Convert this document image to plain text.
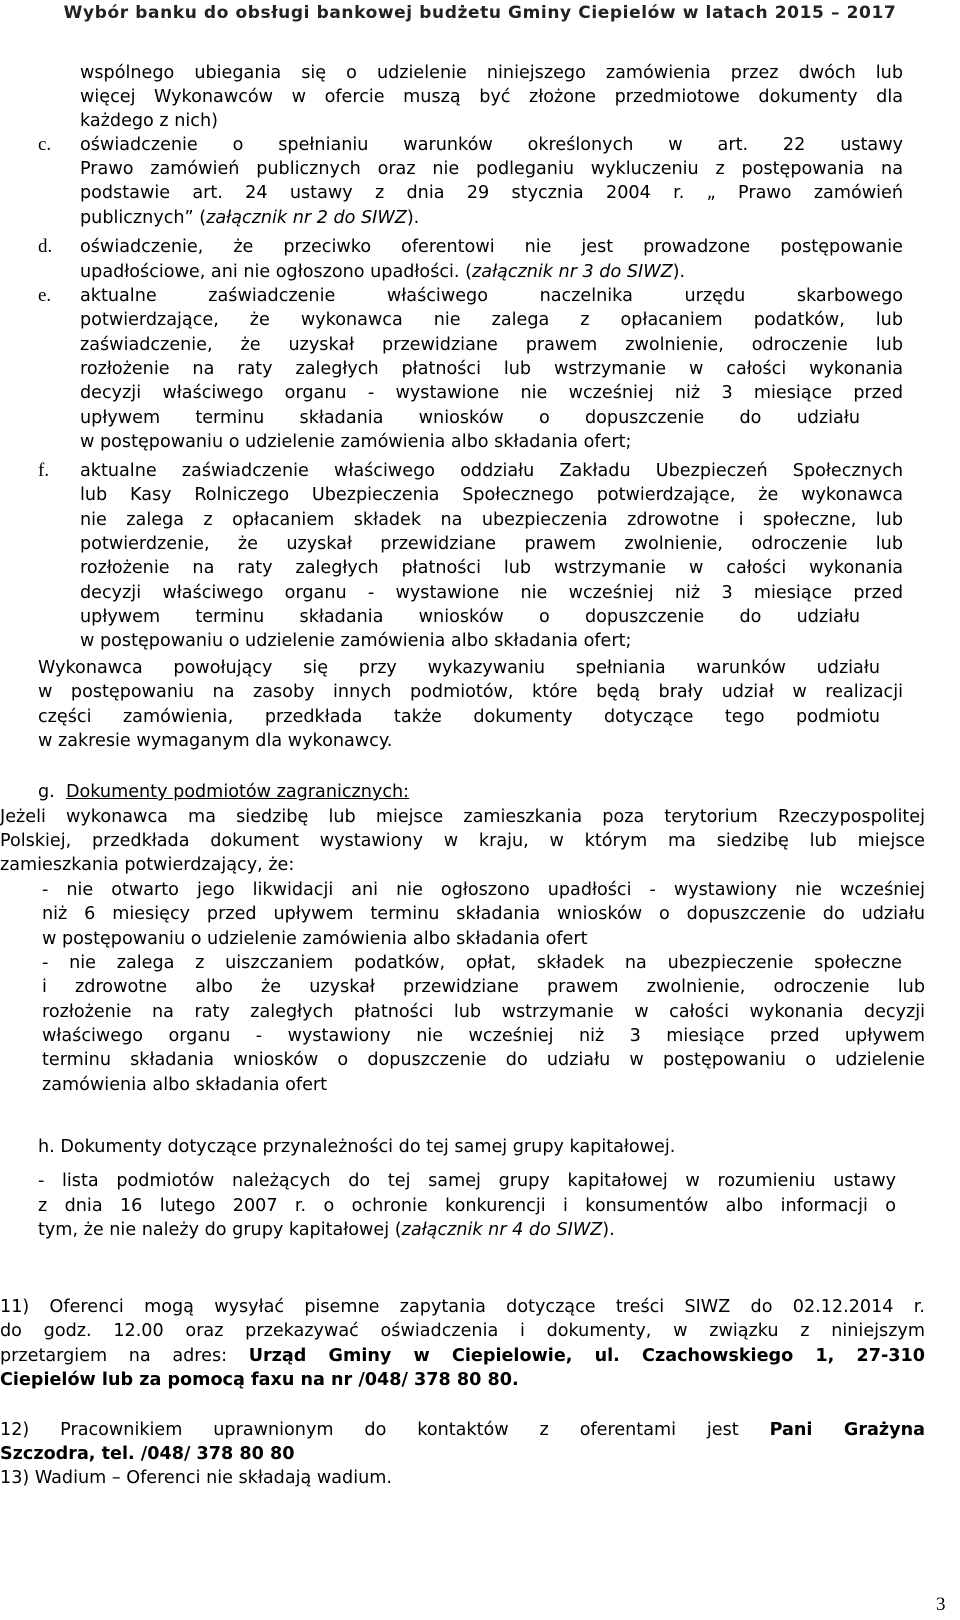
Wybór banku do obsługi bankowej budżetu Gminy Ciepielów w latach 2015 – 2017
wspólnego ubiegania się o udzielenie niniejszego zamówienia przez dwóch lub
więcej Wykonawców w ofercie muszą być złożone przedmiotowe dokumenty dla
każdego z nich)
c. oświadczenie o spełnianiu warunków określonych w art. 22 ustawy
Prawo zamówień publicznych oraz nie podleganiu wykluczeniu z postępowania na
podstawie art. 24 ustawy z dnia 29 stycznia 2004 r. „ Prawo zamówień
publicznych” (załącznik nr 2 do SIWZ).
d. oświadczenie, że przeciwko oferentowi nie jest prowadzone postępowanie
upadłościowe, ani nie ogłoszono upadłości. (załącznik nr 3 do SIWZ).
e. aktualne zaświadczenie właściwego naczelnika urzędu skarbowego
potwierdzające, że wykonawca nie zalega z opłacaniem podatków, lub
zaświadczenie, że uzyskał przewidziane prawem zwolnienie, odroczenie lub
rozłożenie na raty zaległych płatności lub wstrzymanie w całości wykonania
decyzji właściwego organu - wystawione nie wcześniej niż 3 miesiące przed
upływem terminu składania wniosków o dopuszczenie do udziału
w postępowaniu o udzielenie zamówienia albo składania ofert;
f. aktualne zaświadczenie właściwego oddziału Zakładu Ubezpieczeń Społecznych
lub Kasy Rolniczego Ubezpieczenia Społecznego potwierdzające, że wykonawca
nie zalega z opłacaniem składek na ubezpieczenia zdrowotne i społeczne, lub
potwierdzenie, że uzyskał przewidziane prawem zwolnienie, odroczenie lub
rozłożenie na raty zaległych płatności lub wstrzymanie w całości wykonania
decyzji właściwego organu - wystawione nie wcześniej niż 3 miesiące przed
upływem terminu składania wniosków o dopuszczenie do udziału
w postępowaniu o udzielenie zamówienia albo składania ofert;
Wykonawca powołujący się przy wykazywaniu spełniania warunków udziału
w postępowaniu na zasoby innych podmiotów, które będą brały udział w realizacji
części zamówienia, przedkłada także dokumenty dotyczące tego podmiotu
w zakresie wymaganym dla wykonawcy.
g. Dokumenty podmiotów zagranicznych:
Jeżeli wykonawca ma siedzibę lub miejsce zamieszkania poza terytorium Rzeczypospolitej
Polskiej, przedkłada dokument wystawiony w kraju, w którym ma siedzibę lub miejsce
zamieszkania potwierdzający, że:
- nie otwarto jego likwidacji ani nie ogłoszono upadłości - wystawiony nie wcześniej
niż 6 miesięcy przed upływem terminu składania wniosków o dopuszczenie do udziału
w postępowaniu o udzielenie zamówienia albo składania ofert
- nie zalega z uiszczaniem podatków, opłat, składek na ubezpieczenie społeczne
i zdrowotne albo że uzyskał przewidziane prawem zwolnienie, odroczenie lub
rozłożenie na raty zaległych płatności lub wstrzymanie w całości wykonania decyzji
właściwego organu - wystawiony nie wcześniej niż 3 miesiące przed upływem
terminu składania wniosków o dopuszczenie do udziału w postępowaniu o udzielenie
zamówienia albo składania ofert
h. Dokumenty dotyczące przynależności do tej samej grupy kapitałowej.
- lista podmiotów należących do tej samej grupy kapitałowej w rozumieniu ustawy
z dnia 16 lutego 2007 r. o ochronie konkurencji i konsumentów albo informacji o
tym, że nie należy do grupy kapitałowej (załącznik nr 4 do SIWZ).
11) Oferenci mogą wysyłać pisemne zapytania dotyczące treści SIWZ do 02.12.2014 r.
do godz. 12.00 oraz przekazywać oświadczenia i dokumenty, w związku z niniejszym
przetargiem na adres: Urząd Gminy w Ciepielowie, ul. Czachowskiego 1, 27-310
Ciepielów lub za pomocą faxu na nr /048/ 378 80 80.
12) Pracownikiem uprawnionym do kontaktów z oferentami jest Pani Grażyna
Szczodra, tel. /048/ 378 80 80
13) Wadium – Oferenci nie składają wadium.
3
